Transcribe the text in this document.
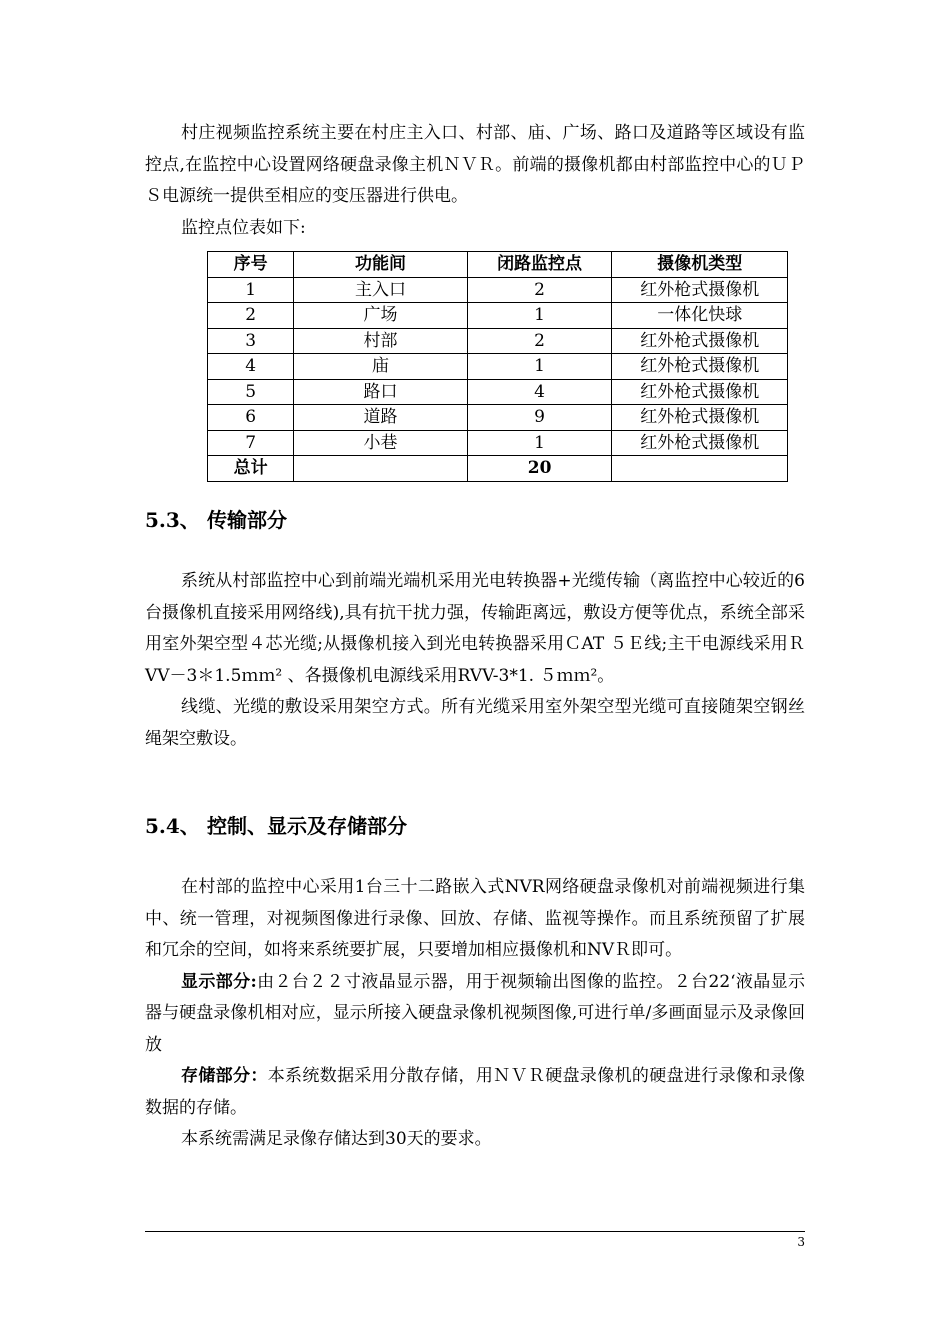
村庄视频监控系统主要在村庄主入口、村部、庙、广场、路口及道路等区域设有监控点,在监控中心设置网络硬盘录像主机ＮＶＲ。前端的摄像机都由村部监控中心的ＵＰＳ电源统一提供至相应的变压器进行供电。

监控点位表如下:

序号	功能间	闭路监控点	摄像机类型
1	主入口	2	红外枪式摄像机
2	广场	1	一体化快球
3	村部	2	红外枪式摄像机
4	庙	1	红外枪式摄像机
5	路口	4	红外枪式摄像机
6	道路	9	红外枪式摄像机
7	小巷	1	红外枪式摄像机
总计		20	
5.3、 传输部分

系统从村部监控中心到前端光端机采用光电转换器+光缆传输（离监控中心较近的6台摄像机直接采用网络线),具有抗干扰力强，传输距离远，敷设方便等优点，系统全部采用室外架空型４芯光缆;从摄像机接入到光电转换器采用ＣAT ５Ｅ线;主干电源线采用ＲVV－3＊1.5ｍｍ² 、各摄像机电源线采用RVV-3*1. ５ｍｍ²。

线缆、光缆的敷设采用架空方式。所有光缆采用室外架空型光缆可直接随架空钢丝绳架空敷设。

5.4、 控制、显示及存储部分

在村部的监控中心采用1台三十二路嵌入式NVR网络硬盘录像机对前端视频进行集中、统一管理，对视频图像进行录像、回放、存储、监视等操作。而且系统预留了扩展和冗余的空间，如将来系统要扩展，只要增加相应摄像机和NVＲ即可。

显示部分:由２台２２寸液晶显示器，用于视频输出图像的监控。２台22‘液晶显示器与硬盘录像机相对应，显示所接入硬盘录像机视频图像,可进行单/多画面显示及录像回放

存储部分：本系统数据采用分散存储，用ＮＶＲ硬盘录像机的硬盘进行录像和录像数据的存储。

本系统需满足录像存储达到30天的要求。

3
